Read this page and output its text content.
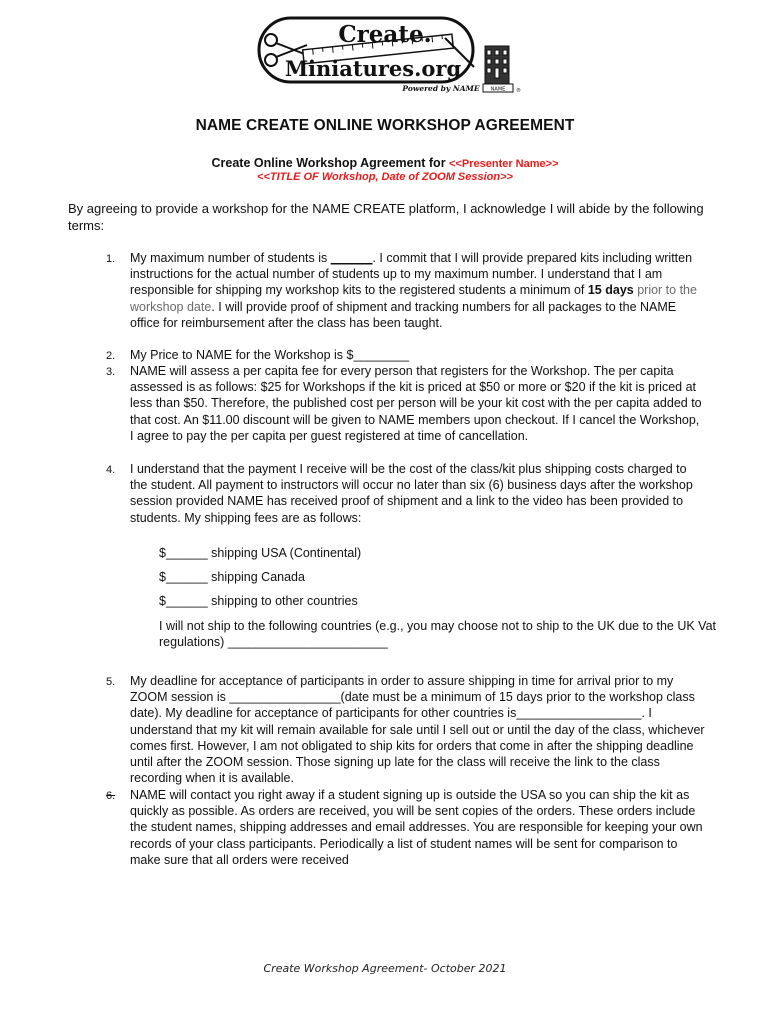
Create.
Miniatures.org
Powered by NAME NAME ®
NAME CREATE ONLINE WORKSHOP AGREEMENT
Create Online Workshop Agreement for <<Presenter Name>>
<<TITLE OF Workshop, Date of ZOOM Session>>
By agreeing to provide a workshop for the NAME CREATE platform, I acknowledge I will abide by the following terms:
1. My maximum number of students is ______. I commit that I will provide prepared kits including written instructions for the actual number of students up to my maximum number. I understand that I am responsible for shipping my workshop kits to the registered students a minimum of 15 days prior to the workshop date. I will provide proof of shipment and tracking numbers for all packages to the NAME office for reimbursement after the class has been taught.
2. My Price to NAME for the Workshop is $________
3. NAME will assess a per capita fee for every person that registers for the Workshop. The per capita assessed is as follows: $25 for Workshops if the kit is priced at $50 or more or $20 if the kit is priced at less than $50. Therefore, the published cost per person will be your kit cost with the per capita added to that cost. An $11.00 discount will be given to NAME members upon checkout. If I cancel the Workshop, I agree to pay the per capita per guest registered at time of cancellation.
4. I understand that the payment I receive will be the cost of the class/kit plus shipping costs charged to the student. All payment to instructors will occur no later than six (6) business days after the workshop session provided NAME has received proof of shipment and a link to the video has been provided to students. My shipping fees are as follows:
$______ shipping USA (Continental)
$______ shipping Canada
$______ shipping to other countries
I will not ship to the following countries (e.g., you may choose not to ship to the UK due to the UK Vat regulations) _______________________
5. My deadline for acceptance of participants in order to assure shipping in time for arrival prior to my ZOOM session is ________________(date must be a minimum of 15 days prior to the workshop class date). My deadline for acceptance of participants for other countries is__________________. I understand that my kit will remain available for sale until I sell out or until the day of the class, whichever comes first. However, I am not obligated to ship kits for orders that come in after the shipping deadline until after the ZOOM session. Those signing up late for the class will receive the link to the class recording when it is available.
6. NAME will contact you right away if a student signing up is outside the USA so you can ship the kit as quickly as possible. As orders are received, you will be sent copies of the orders. These orders include the student names, shipping addresses and email addresses. You are responsible for keeping your own records of your class participants. Periodically a list of student names will be sent for comparison to make sure that all orders were received
Create Workshop Agreement- October 2021
